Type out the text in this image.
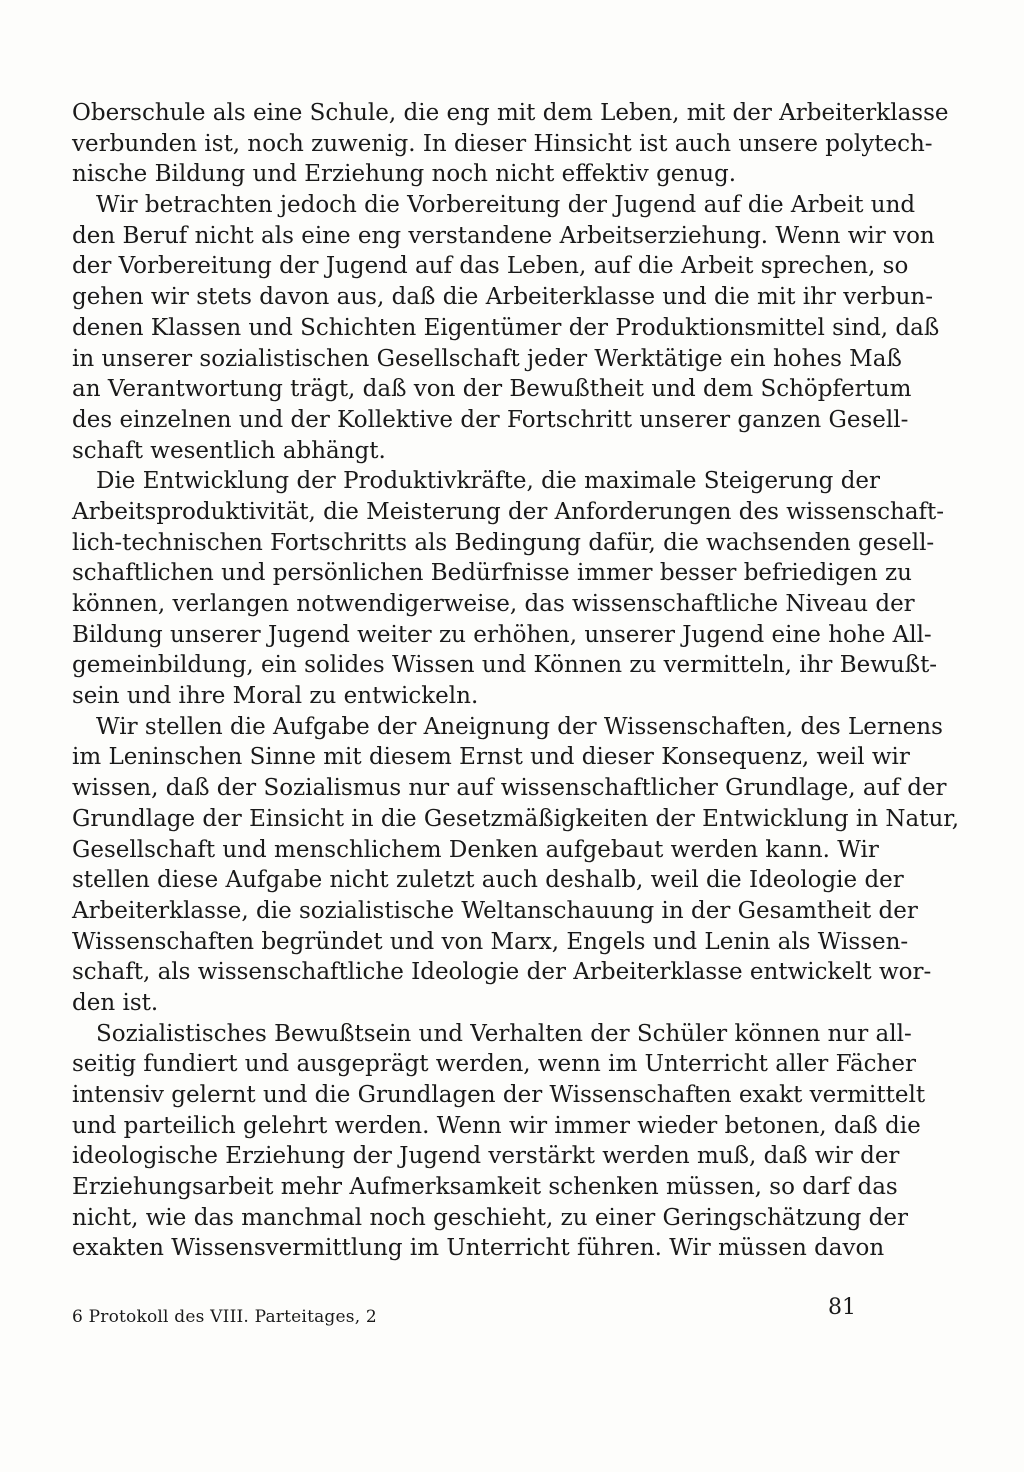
Oberschule als eine Schule, die eng mit dem Leben, mit der Arbeiterklasse
verbunden ist, noch zuwenig. In dieser Hinsicht ist auch unsere polytech-
nische Bildung und Erziehung noch nicht effektiv genug.
Wir betrachten jedoch die Vorbereitung der Jugend auf die Arbeit und
den Beruf nicht als eine eng verstandene Arbeitserziehung. Wenn wir von
der Vorbereitung der Jugend auf das Leben, auf die Arbeit sprechen, so
gehen wir stets davon aus, daß die Arbeiterklasse und die mit ihr verbun-
denen Klassen und Schichten Eigentümer der Produktionsmittel sind, daß
in unserer sozialistischen Gesellschaft jeder Werktätige ein hohes Maß
an Verantwortung trägt, daß von der Bewußtheit und dem Schöpfertum
des einzelnen und der Kollektive der Fortschritt unserer ganzen Gesell-
schaft wesentlich abhängt.
Die Entwicklung der Produktivkräfte, die maximale Steigerung der
Arbeitsproduktivität, die Meisterung der Anforderungen des wissenschaft-
lich-technischen Fortschritts als Bedingung dafür, die wachsenden gesell-
schaftlichen und persönlichen Bedürfnisse immer besser befriedigen zu
können, verlangen notwendigerweise, das wissenschaftliche Niveau der
Bildung unserer Jugend weiter zu erhöhen, unserer Jugend eine hohe All-
gemeinbildung, ein solides Wissen und Können zu vermitteln, ihr Bewußt-
sein und ihre Moral zu entwickeln.
Wir stellen die Aufgabe der Aneignung der Wissenschaften, des Lernens
im Leninschen Sinne mit diesem Ernst und dieser Konsequenz, weil wir
wissen, daß der Sozialismus nur auf wissenschaftlicher Grundlage, auf der
Grundlage der Einsicht in die Gesetzmäßigkeiten der Entwicklung in Natur,
Gesellschaft und menschlichem Denken aufgebaut werden kann. Wir
stellen diese Aufgabe nicht zuletzt auch deshalb, weil die Ideologie der
Arbeiterklasse, die sozialistische Weltanschauung in der Gesamtheit der
Wissenschaften begründet und von Marx, Engels und Lenin als Wissen-
schaft, als wissenschaftliche Ideologie der Arbeiterklasse entwickelt wor-
den ist.
Sozialistisches Bewußtsein und Verhalten der Schüler können nur all-
seitig fundiert und ausgeprägt werden, wenn im Unterricht aller Fächer
intensiv gelernt und die Grundlagen der Wissenschaften exakt vermittelt
und parteilich gelehrt werden. Wenn wir immer wieder betonen, daß die
ideologische Erziehung der Jugend verstärkt werden muß, daß wir der
Erziehungsarbeit mehr Aufmerksamkeit schenken müssen, so darf das
nicht, wie das manchmal noch geschieht, zu einer Geringschätzung der
exakten Wissensvermittlung im Unterricht führen. Wir müssen davon
6 Protokoll des VIII. Parteitages, 2	81
